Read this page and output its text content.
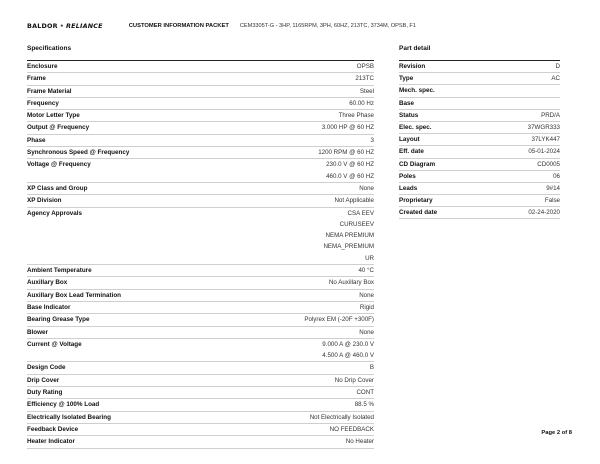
BALDOR • RELIANCE	CUSTOMER INFORMATION PACKET CEM3305T-G - 3HP, 1165RPM, 3PH, 60HZ, 213TC, 3734M, OPSB, F1
Specifications
Enclosure	OPSB
Frame	213TC
Frame Material	Steel
Frequency	60.00 Hz
Motor Letter Type	Three Phase
Output @ Frequency	3.000 HP @ 60 HZ
Phase	3
Synchronous Speed @ Frequency	1200 RPM @ 60 HZ
Voltage @ Frequency	230.0 V @ 60 HZ
460.0 V @ 60 HZ
XP Class and Group	None
XP Division	Not Applicable
Agency Approvals	CSA EEV
CURUSEEV
NEMA PREMIUM
NEMA_PREMIUM
UR
Ambient Temperature	40 °C
Auxillary Box	No Auxillary Box
Auxillary Box Lead Termination	None
Base Indicator	Rigid
Bearing Grease Type	Polyrex EM (-20F +300F)
Blower	None
Current @ Voltage	9.000 A @ 230.0 V
4.500 A @ 460.0 V
Design Code	B
Drip Cover	No Drip Cover
Duty Rating	CONT
Efficiency @ 100% Load	88.5 %
Electrically Isolated Bearing	Not Electrically Isolated
Feedback Device	NO FEEDBACK
Heater Indicator	No Heater
Part detail
Revision	D
Type	AC
Mech. spec.
Base
Status	PRD/A
Elec. spec.	37WGR333
Layout	37LYK447
Eff. date	05-01-2024
CD Diagram	CD0005
Poles	06
Leads	9#14
Proprietary	False
Created date	02-24-2020
Page 2 of 8
